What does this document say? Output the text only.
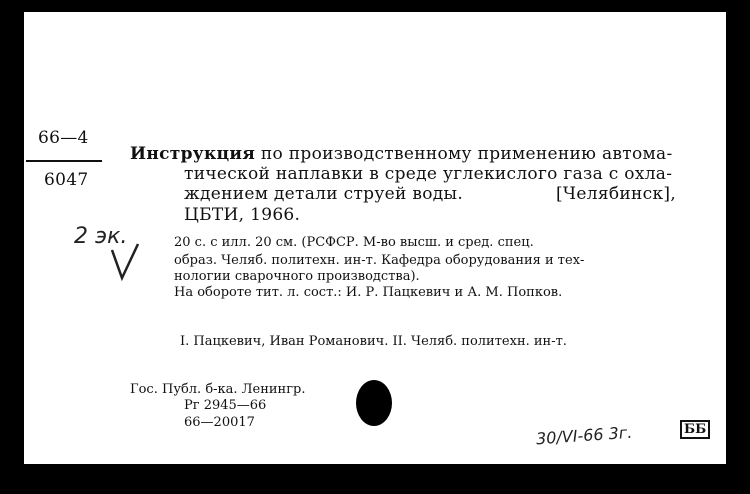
66—4
6047
Инструкция по производственному применению автома-
тической наплавки в среде углекислого газа с охла-
ждением детали струей воды.	[Челябинск],
ЦБТИ, 1966.
2 эк.	20 с. с илл. 20 см. (РСФСР. М-во высш. и сред. спец.
образ. Челяб. политехн. ин-т. Кафедра оборудования и тех-
нологии сварочного производства).
На обороте тит. л. сост.: И. Р. Пацкевич и А. М. Попков.
I. Пацкевич, Иван Романович. II. Челяб. политехн. ин-т.
Гос. Публ. б-ка. Ленингр.
Рг 2945—66
66—20017
30/VI-66 3г.	ББ
